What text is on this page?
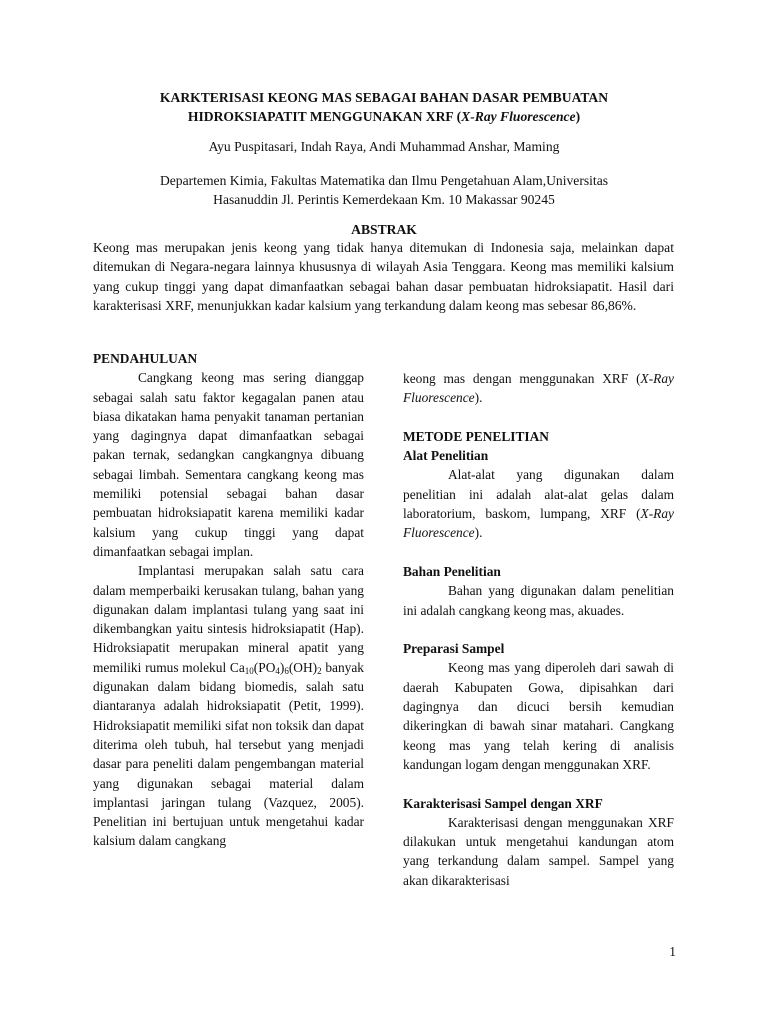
KARKTERISASI KEONG MAS SEBAGAI BAHAN DASAR PEMBUATAN
HIDROKSIAPATIT MENGGUNAKAN XRF (X-Ray Fluorescence)
Ayu Puspitasari, Indah Raya, Andi Muhammad Anshar, Maming
Departemen Kimia, Fakultas Matematika dan Ilmu Pengetahuan Alam,Universitas
Hasanuddin Jl. Perintis Kemerdekaan Km. 10 Makassar 90245
ABSTRAK
Keong mas merupakan jenis keong yang tidak hanya ditemukan di Indonesia saja, melainkan dapat ditemukan di Negara-negara lainnya khususnya di wilayah Asia Tenggara. Keong mas memiliki kalsium yang cukup tinggi yang dapat dimanfaatkan sebagai bahan dasar pembuatan hidroksiapatit. Hasil dari karakterisasi XRF, menunjukkan kadar kalsium yang terkandung dalam keong mas sebesar 86,86%.
PENDAHULUAN

Cangkang keong mas sering dianggap sebagai salah satu faktor kegagalan panen atau biasa dikatakan hama penyakit tanaman pertanian yang dagingnya dapat dimanfaatkan sebagai pakan ternak, sedangkan cangkangnya dibuang sebagai limbah. Sementara cangkang keong mas memiliki potensial sebagai bahan dasar pembuatan hidroksiapatit karena memiliki kadar kalsium yang cukup tinggi yang dapat dimanfaatkan sebagai implan.

Implantasi merupakan salah satu cara dalam memperbaiki kerusakan tulang, bahan yang digunakan dalam implantasi tulang yang saat ini dikembangkan yaitu sintesis hidroksiapatit (Hap). Hidroksiapatit merupakan mineral apatit yang memiliki rumus molekul $Ca_{10}(PO_4)_6(OH)_2$ banyak digunakan dalam bidang biomedis, salah satu diantaranya adalah hidroksiapatit (Petit, 1999). Hidroksiapatit memiliki sifat non toksik dan dapat diterima oleh tubuh, hal tersebut yang menjadi dasar para peneliti dalam pengembangan material yang digunakan sebagai material dalam implantasi jaringan tulang (Vazquez, 2005). Penelitian ini bertujuan untuk mengetahui kadar kalsium dalam cangkang

keong mas dengan menggunakan XRF (X-Ray Fluorescence).

METODE PENELITIAN
Alat Penelitian

Alat-alat yang digunakan dalam penelitian ini adalah alat-alat gelas dalam laboratorium, baskom, lumpang, XRF (X-Ray Fluorescence).

Bahan Penelitian

Bahan yang digunakan dalam penelitian ini adalah cangkang keong mas, akuades.

Preparasi Sampel

Keong mas yang diperoleh dari sawah di daerah Kabupaten Gowa, dipisahkan dari dagingnya dan dicuci bersih kemudian dikeringkan di bawah sinar matahari. Cangkang keong mas yang telah kering di analisis kandungan logam dengan menggunakan XRF.

Karakterisasi Sampel dengan XRF

Karakterisasi dengan menggunakan XRF dilakukan untuk mengetahui kandungan atom yang terkandung dalam sampel. Sampel yang akan dikarakterisasi

1
